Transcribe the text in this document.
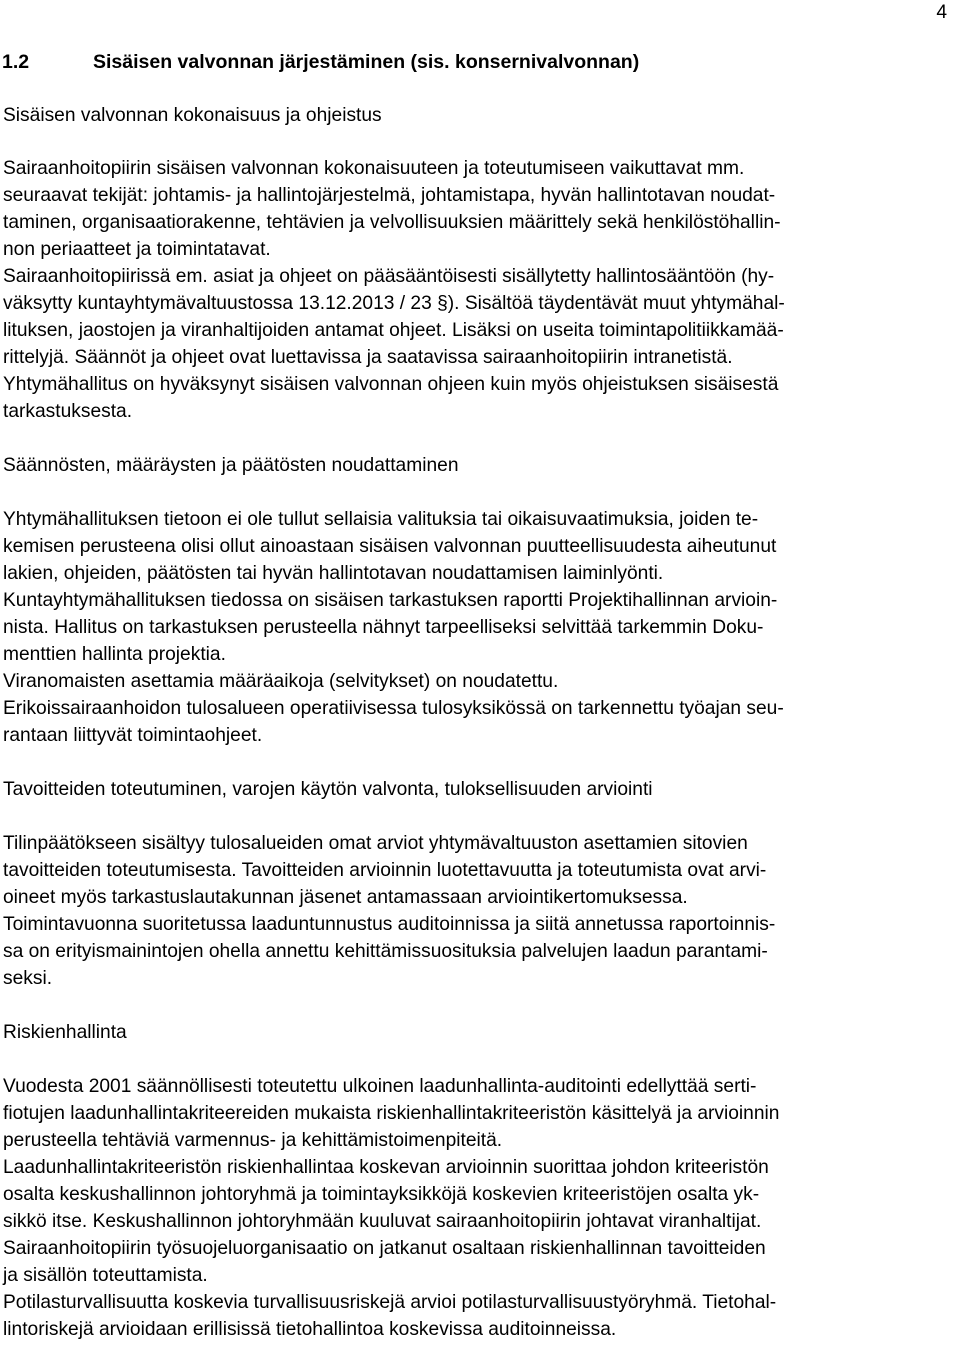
4
1.2	Sisäisen valvonnan järjestäminen (sis. konsernivalvonnan)
Sisäisen valvonnan kokonaisuus ja ohjeistus
Sairaanhoitopiirin sisäisen valvonnan kokonaisuuteen ja toteutumiseen vaikuttavat mm.
seuraavat tekijät: johtamis- ja hallintojärjestelmä, johtamistapa, hyvän hallintotavan noudat-
taminen, organisaatiorakenne, tehtävien ja velvollisuuksien määrittely sekä henkilöstöhallin-
non periaatteet ja toimintatavat.
Sairaanhoitopiirissä em. asiat ja ohjeet on pääsääntöisesti sisällytetty hallintosääntöön (hy-
väksytty kuntayhtymävaltuustossa 13.12.2013 / 23 §). Sisältöä täydentävät muut yhtymähal-
lituksen, jaostojen ja viranhaltijoiden antamat ohjeet. Lisäksi on useita toimintapolitiikkamää-
rittelyjä. Säännöt ja ohjeet ovat luettavissa ja saatavissa sairaanhoitopiirin intranetistä.
Yhtymähallitus on hyväksynyt sisäisen valvonnan ohjeen kuin myös ohjeistuksen sisäisestä
tarkastuksesta.
Säännösten, määräysten ja päätösten noudattaminen
Yhtymähallituksen tietoon ei ole tullut sellaisia valituksia tai oikaisuvaatimuksia, joiden te-
kemisen perusteena olisi ollut ainoastaan sisäisen valvonnan puutteellisuudesta aiheutunut
lakien, ohjeiden, päätösten tai hyvän hallintotavan noudattamisen laiminlyönti.
Kuntayhtymähallituksen tiedossa on sisäisen tarkastuksen raportti Projektihallinnan arvioin-
nista. Hallitus on tarkastuksen perusteella nähnyt tarpeelliseksi selvittää tarkemmin Doku-
menttien hallinta projektia.
Viranomaisten asettamia määräaikoja (selvitykset) on noudatettu.
Erikoissairaanhoidon tulosalueen operatiivisessa tulosyksikössä on tarkennettu työajan seu-
rantaan liittyvät toimintaohjeet.
Tavoitteiden toteutuminen, varojen käytön valvonta, tuloksellisuuden arviointi
Tilinpäätökseen sisältyy tulosalueiden omat arviot yhtymävaltuuston asettamien sitovien
tavoitteiden toteutumisesta. Tavoitteiden arvioinnin luotettavuutta ja toteutumista ovat arvi-
oineet myös tarkastuslautakunnan jäsenet antamassaan arviointikertomuksessa.
Toimintavuonna suoritetussa laaduntunnustus auditoinnissa ja siitä annetussa raportoinnis-
sa on erityismainintojen ohella annettu kehittämissuosituksia palvelujen laadun parantami-
seksi.
Riskienhallinta
Vuodesta 2001 säännöllisesti toteutettu ulkoinen laadunhallinta-auditointi edellyttää serti-
fiotujen laadunhallintakriteereiden mukaista riskienhallintakriteeristön käsittelyä ja arvioinnin
perusteella tehtäviä varmennus- ja kehittämistoimenpiteitä.
Laadunhallintakriteeristön riskienhallintaa koskevan arvioinnin suorittaa johdon kriteeristön
osalta keskushallinnon johtoryhmä ja toimintayksikköjä koskevien kriteeristöjen osalta yk-
sikkö itse. Keskushallinnon johtoryhmään kuuluvat sairaanhoitopiirin johtavat viranhaltijat.
Sairaanhoitopiirin työsuojeluorganisaatio on jatkanut osaltaan riskienhallinnan tavoitteiden
ja sisällön toteuttamista.
Potilasturvallisuutta koskevia turvallisuusriskejä arvioi potilasturvallisuustyöryhmä. Tietohal-
lintoriskejä arvioidaan erillisissä tietohallintoa koskevissa auditoinneissa.
